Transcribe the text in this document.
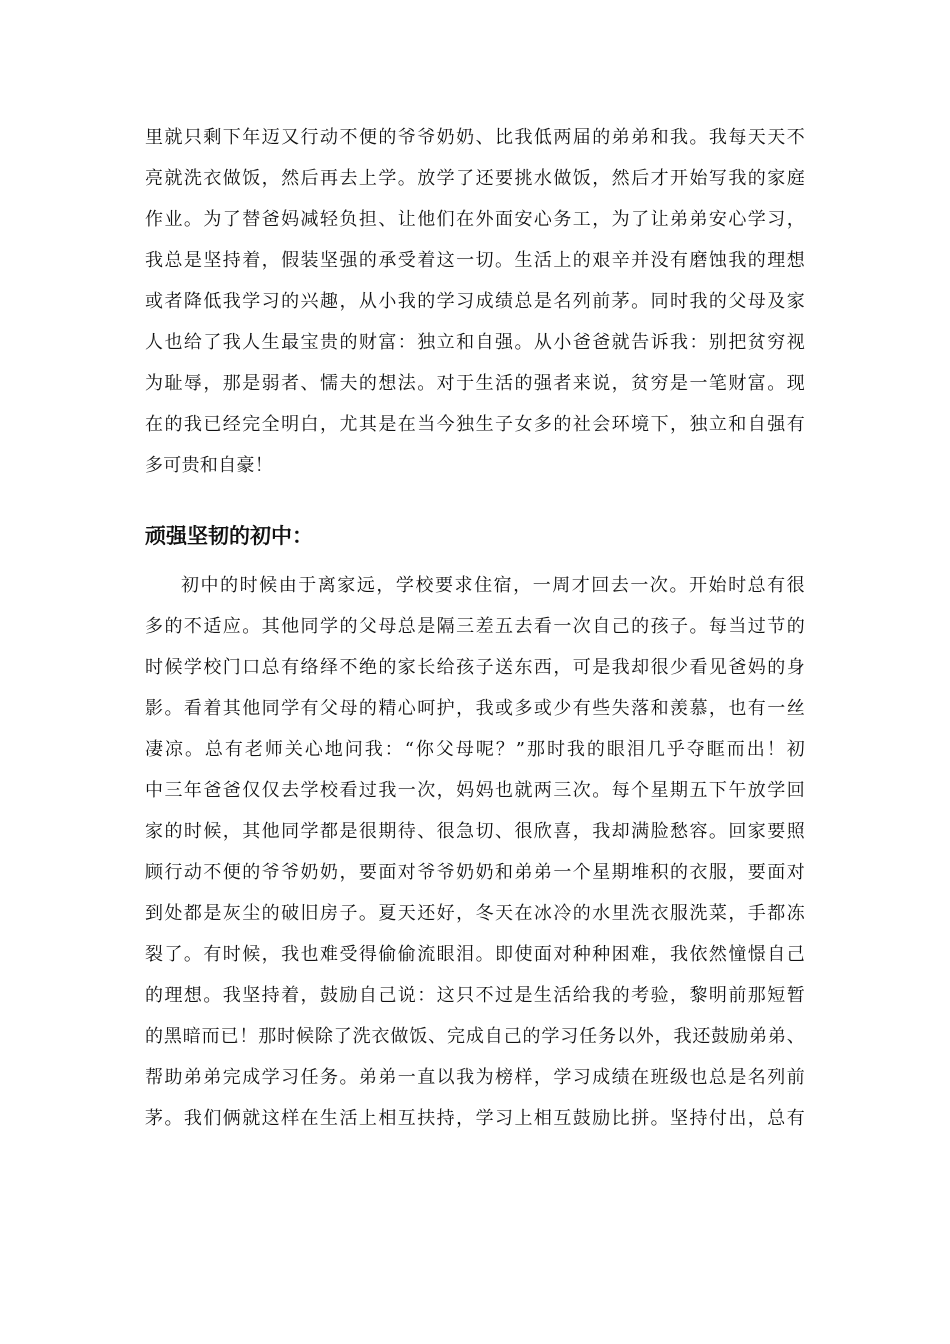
里就只剩下年迈又行动不便的爷爷奶奶、比我低两届的弟弟和我。我每天天不
亮就洗衣做饭，然后再去上学。放学了还要挑水做饭，然后才开始写我的家庭
作业。为了替爸妈减轻负担、让他们在外面安心务工，为了让弟弟安心学习，
我总是坚持着，假装坚强的承受着这一切。生活上的艰辛并没有磨蚀我的理想
或者降低我学习的兴趣，从小我的学习成绩总是名列前茅。同时我的父母及家
人也给了我人生最宝贵的财富：独立和自强。从小爸爸就告诉我：别把贫穷视
为耻辱，那是弱者、懦夫的想法。对于生活的强者来说，贫穷是一笔财富。现
在的我已经完全明白，尤其是在当今独生子女多的社会环境下，独立和自强有
多可贵和自豪！
顽强坚韧的初中：
初中的时候由于离家远，学校要求住宿，一周才回去一次。开始时总有很
多的不适应。其他同学的父母总是隔三差五去看一次自己的孩子。每当过节的
时候学校门口总有络绎不绝的家长给孩子送东西，可是我却很少看见爸妈的身
影。看着其他同学有父母的精心呵护，我或多或少有些失落和羡慕，也有一丝
凄凉。总有老师关心地问我：“你父母呢？”那时我的眼泪几乎夺眶而出！初
中三年爸爸仅仅去学校看过我一次，妈妈也就两三次。每个星期五下午放学回
家的时候，其他同学都是很期待、很急切、很欣喜，我却满脸愁容。回家要照
顾行动不便的爷爷奶奶，要面对爷爷奶奶和弟弟一个星期堆积的衣服，要面对
到处都是灰尘的破旧房子。夏天还好，冬天在冰冷的水里洗衣服洗菜，手都冻
裂了。有时候，我也难受得偷偷流眼泪。即使面对种种困难，我依然憧憬自己
的理想。我坚持着，鼓励自己说：这只不过是生活给我的考验，黎明前那短暂
的黑暗而已！那时候除了洗衣做饭、完成自己的学习任务以外，我还鼓励弟弟、
帮助弟弟完成学习任务。弟弟一直以我为榜样，学习成绩在班级也总是名列前
茅。我们俩就这样在生活上相互扶持，学习上相互鼓励比拼。坚持付出，总有
